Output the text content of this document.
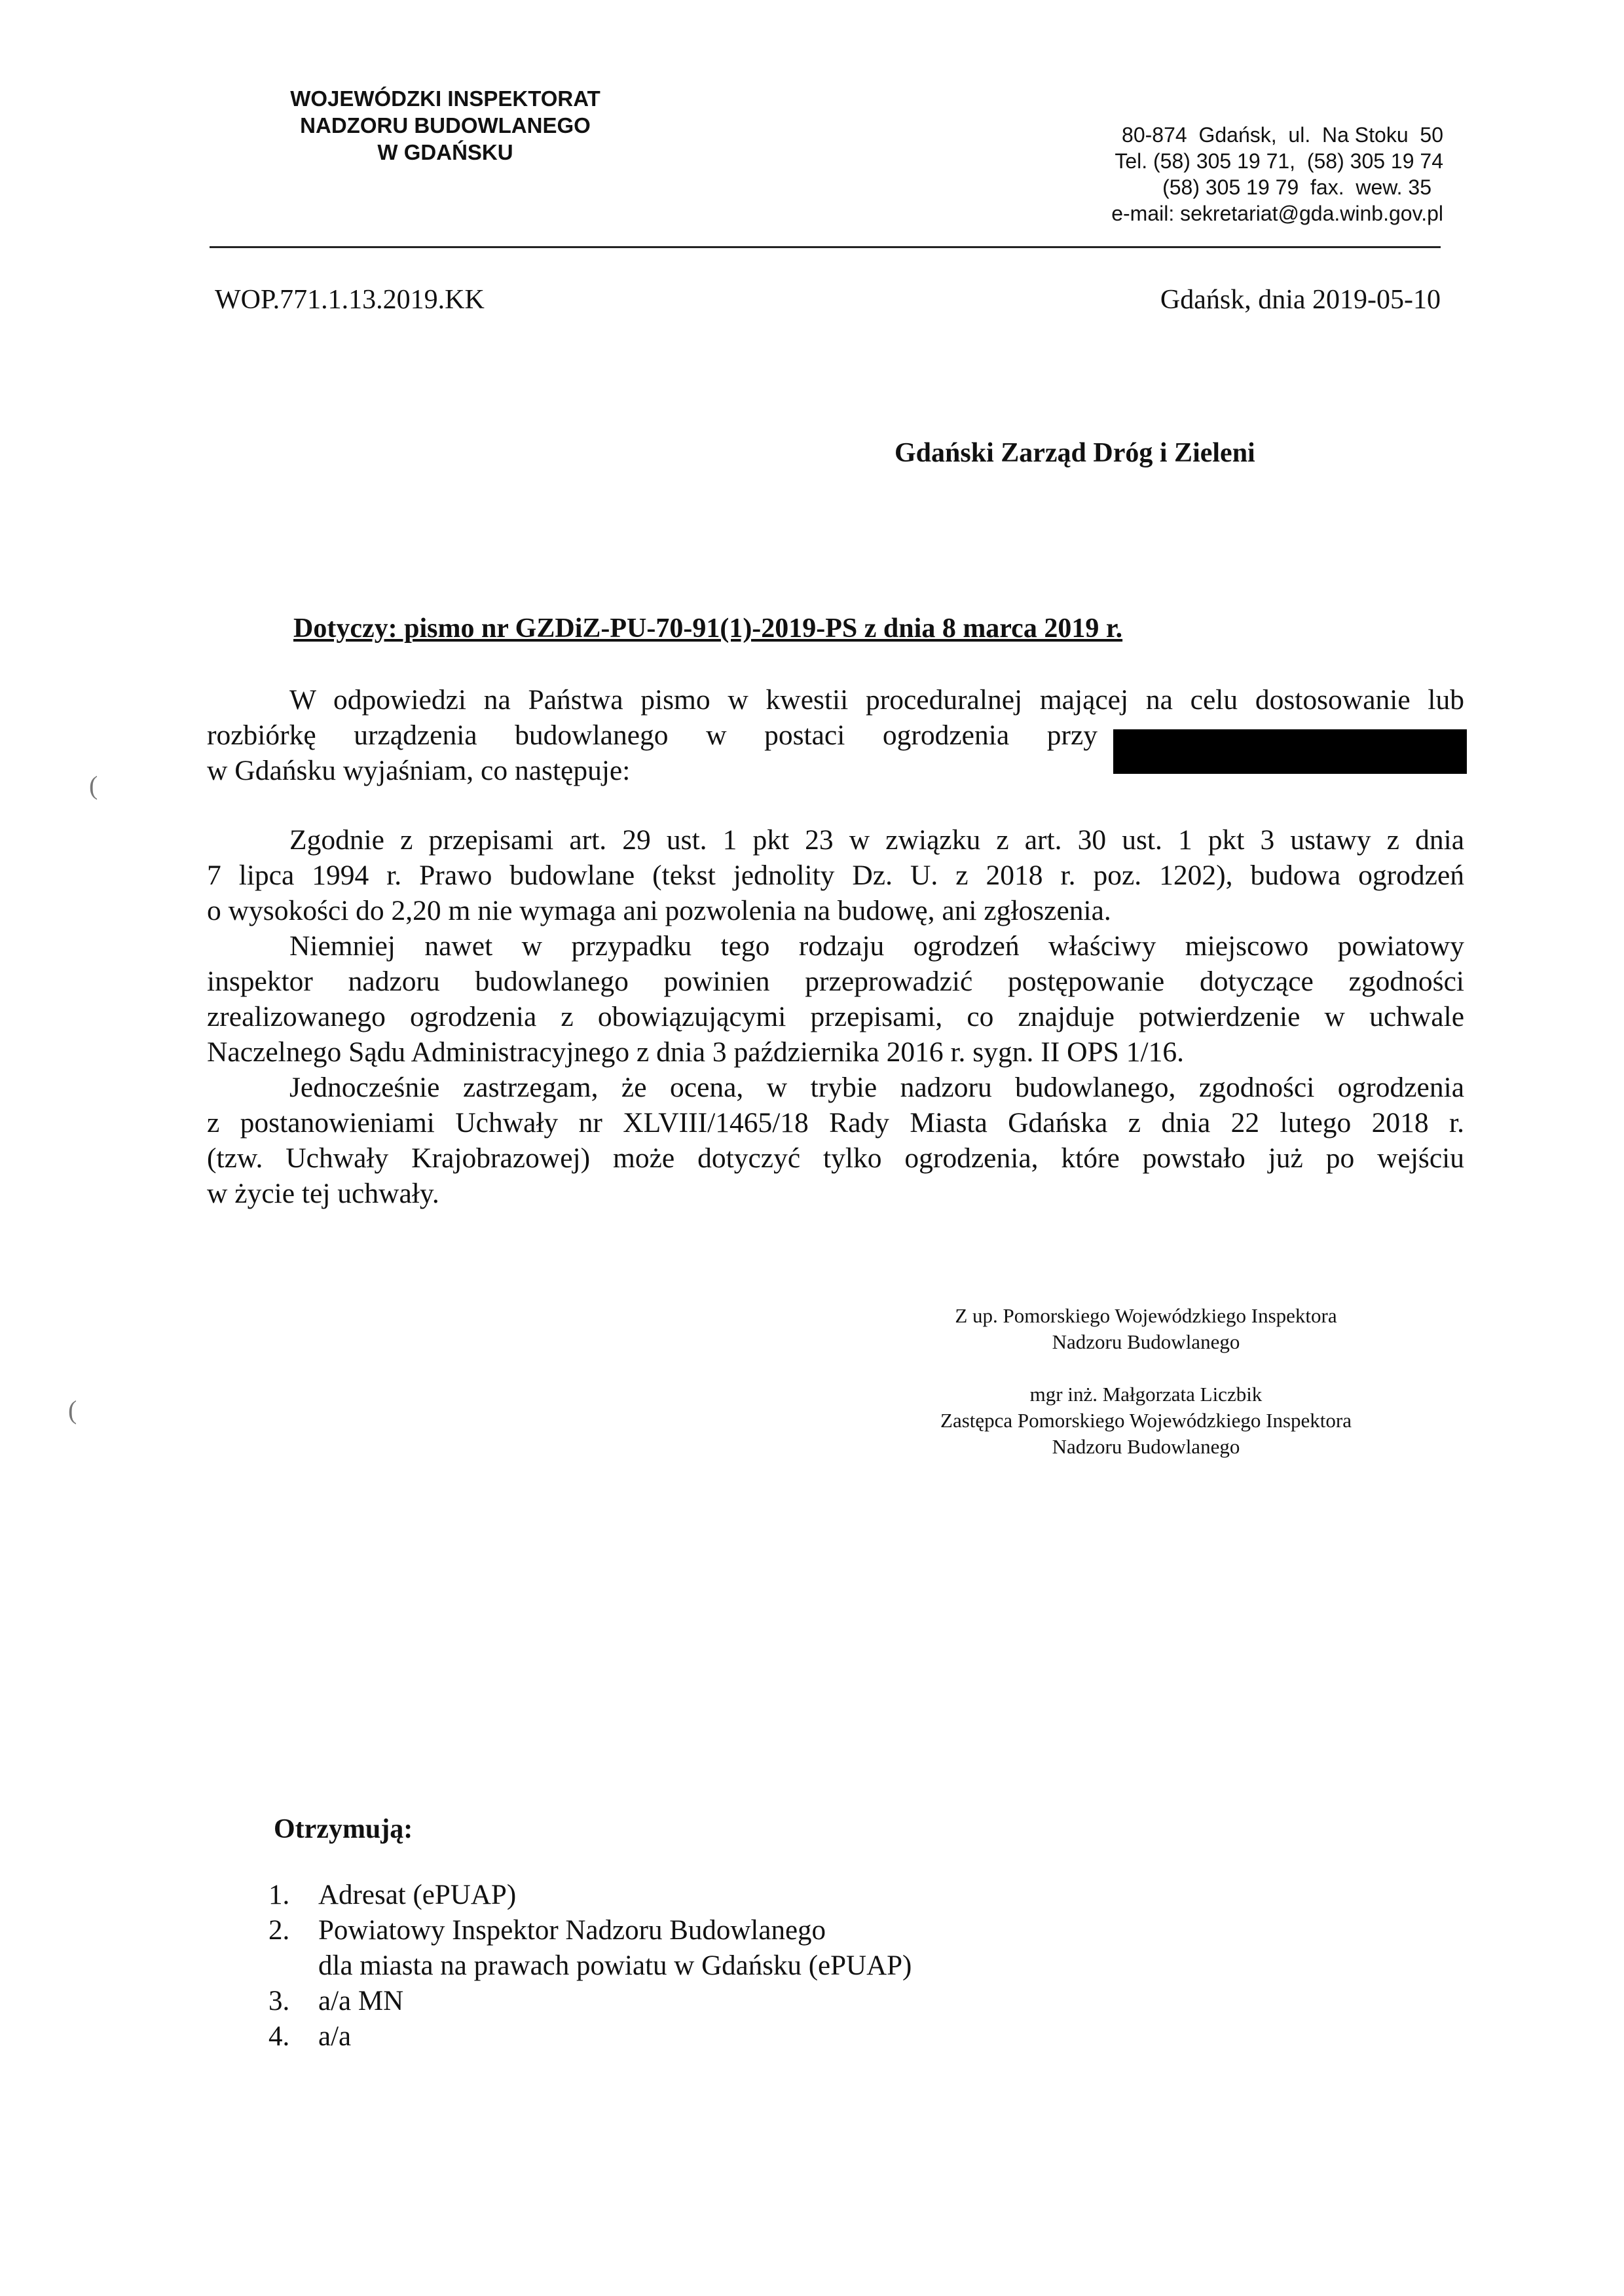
WOJEWÓDZKI INSPEKTORAT
NADZORU BUDOWLANEGO
W GDAŃSKU
80-874  Gdańsk,  ul.  Na Stoku  50
Tel. (58) 305 19 71,  (58) 305 19 74
(58) 305 19 79  fax.  wew. 35
e-mail: sekretariat@gda.winb.gov.pl
WOP.771.1.13.2019.KK	Gdańsk, dnia 2019-05-10
Gdański Zarząd Dróg i Zieleni
Dotyczy: pismo nr GZDiZ-PU-70-91(1)-2019-PS z dnia 8 marca 2019 r.
W odpowiedzi na Państwa pismo w kwestii proceduralnej mającej na celu dostosowanie lub
rozbiórkę  urządzenia  budowlanego  w  postaci  ogrodzenia  przy
w Gdańsku wyjaśniam, co następuje:
Zgodnie z przepisami art. 29 ust. 1 pkt 23 w związku z art. 30 ust. 1 pkt 3 ustawy z dnia
7 lipca 1994 r. Prawo budowlane (tekst jednolity Dz. U. z 2018 r. poz. 1202), budowa ogrodzeń
o wysokości do 2,20 m nie wymaga ani pozwolenia na budowę, ani zgłoszenia.
Niemniej nawet w przypadku tego rodzaju ogrodzeń właściwy miejscowo powiatowy
inspektor nadzoru budowlanego powinien przeprowadzić postępowanie dotyczące zgodności
zrealizowanego ogrodzenia z obowiązującymi przepisami, co znajduje potwierdzenie w uchwale
Naczelnego Sądu Administracyjnego z dnia 3 października 2016 r. sygn. II OPS 1/16.
Jednocześnie zastrzegam, że ocena, w trybie nadzoru budowlanego, zgodności ogrodzenia
z postanowieniami Uchwały nr XLVIII/1465/18 Rady Miasta Gdańska z dnia 22 lutego 2018 r.
(tzw. Uchwały Krajobrazowej) może dotyczyć tylko ogrodzenia, które powstało już po wejściu
w życie tej uchwały.
Z up. Pomorskiego Wojewódzkiego Inspektora
Nadzoru Budowlanego
mgr inż. Małgorzata Liczbik
Zastępca Pomorskiego Wojewódzkiego Inspektora
Nadzoru Budowlanego
Otrzymują:
1.	Adresat (ePUAP)
2.	Powiatowy Inspektor Nadzoru Budowlanego
dla miasta na prawach powiatu w Gdańsku (ePUAP)
3.	a/a MN
4.	a/a
(
(
